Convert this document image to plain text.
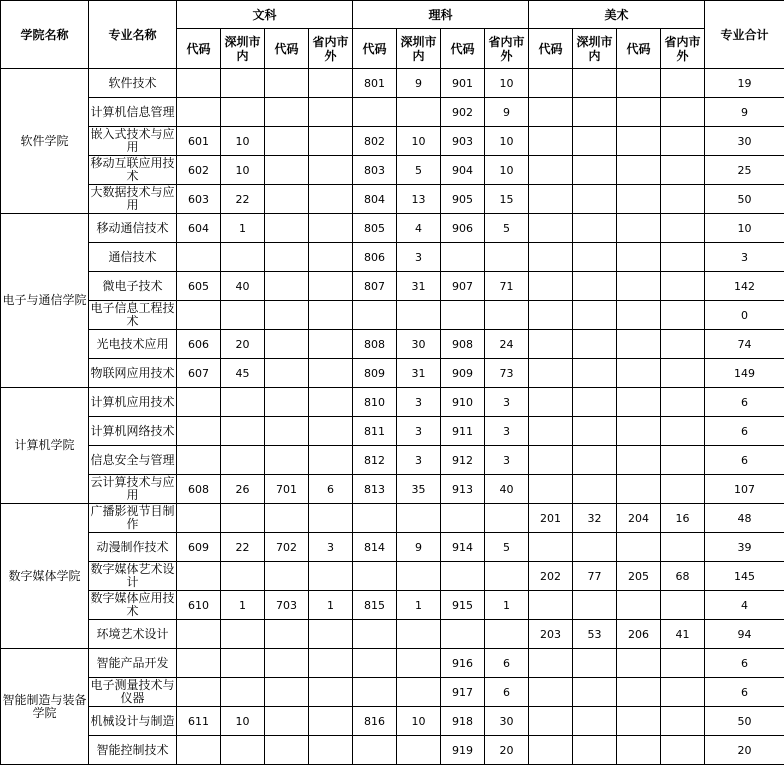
学院名称	专业名称	文科				理科				美术				专业合计
		代码	深圳市内	代码	省内市外	代码	深圳市内	代码	省内市外	代码	深圳市内	代码	省内市外	
软件学院	软件技术					801	9	901	10					19
	计算机信息管理							902	9					9
	嵌入式技术与应用	601	10			802	10	903	10					30
	移动互联应用技术	602	10			803	5	904	10					25
	大数据技术与应用	603	22			804	13	905	15					50
电子与通信学院	移动通信技术	604	1			805	4	906	5					10
	通信技术					806	3							3
	微电子技术	605	40			807	31	907	71					142
	电子信息工程技术													0
	光电技术应用	606	20			808	30	908	24					74
	物联网应用技术	607	45			809	31	909	73					149
计算机学院	计算机应用技术					810	3	910	3					6
	计算机网络技术					811	3	911	3					6
	信息安全与管理					812	3	912	3					6
	云计算技术与应用	608	26	701	6	813	35	913	40					107
数字媒体学院	广播影视节目制作									201	32	204	16	48
	动漫制作技术	609	22	702	3	814	9	914	5					39
	数字媒体艺术设计									202	77	205	68	145
	数字媒体应用技术	610	1	703	1	815	1	915	1					4
	环境艺术设计									203	53	206	41	94
智能制造与装备学院	智能产品开发							916	6					6
	电子测量技术与仪器							917	6					6
	机械设计与制造	611	10			816	10	918	30					50
	智能控制技术							919	20					20
